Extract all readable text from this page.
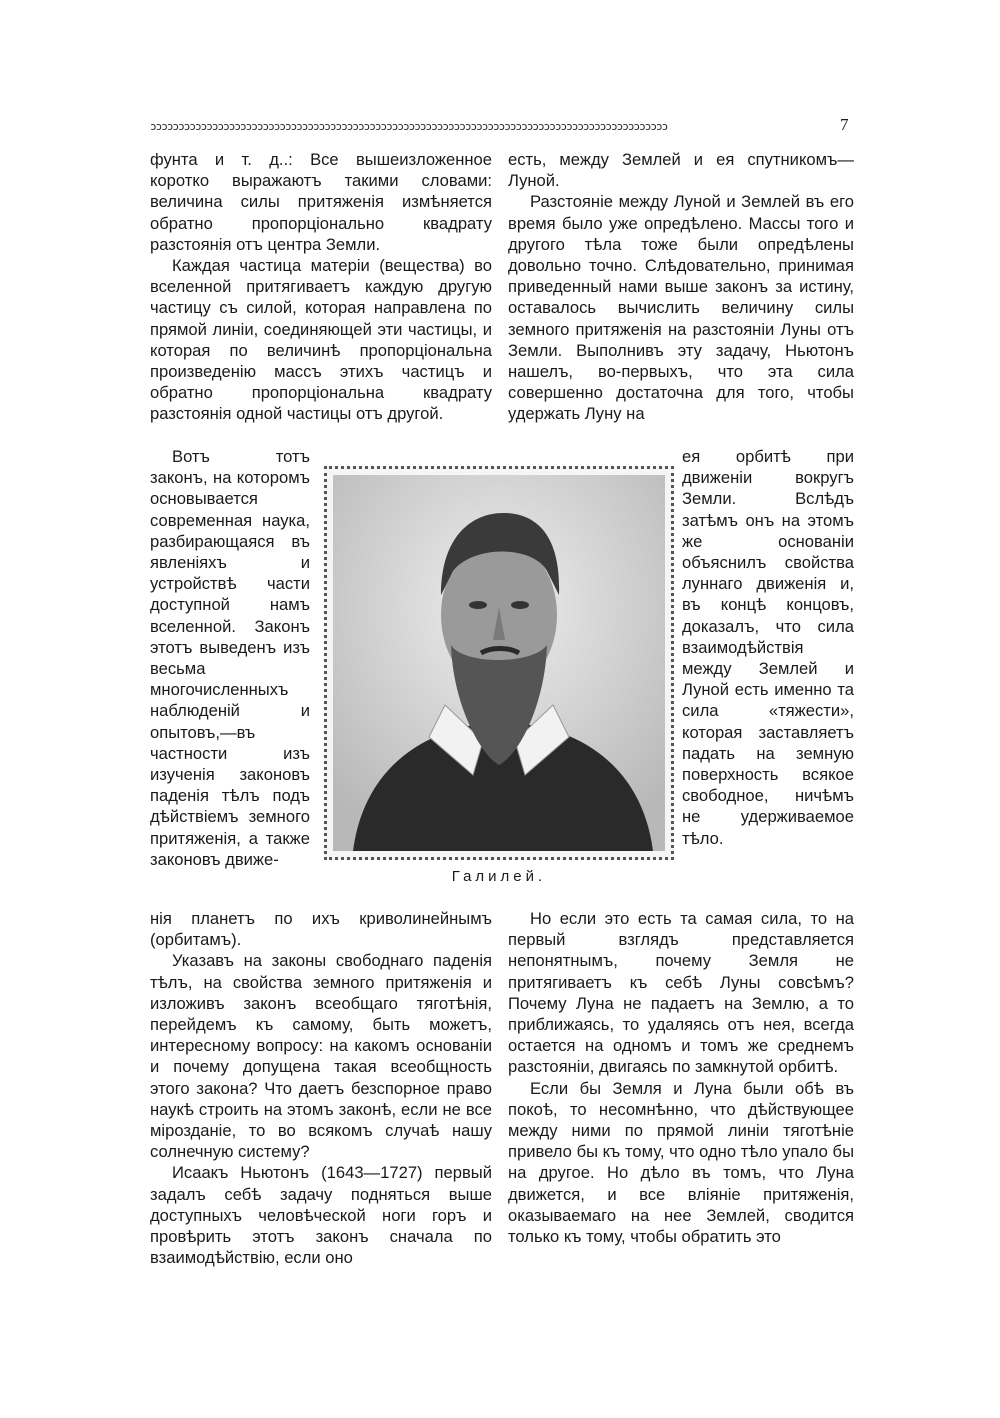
ɔɔɔɔɔɔɔɔɔɔɔɔɔɔɔɔɔɔɔɔɔɔɔɔɔɔɔɔɔɔɔɔɔɔɔɔɔɔɔɔɔɔɔɔɔɔɔɔɔɔɔɔɔɔɔɔɔɔɔɔɔɔɔɔɔɔɔɔɔɔɔɔɔɔɔɔɔɔɔɔɔɔɔɔɔɔɔɔɔɔɔɔ	7

фунта и т. д..: Все вышеизложенное коротко выражаютъ такими словами: величина силы притяженія измѣняется обратно пропорціонально квадрату разстоянія отъ центра Земли.

Каждая частица матеріи (вещества) во вселенной притягиваетъ каждую другую частицу съ силой, которая направлена по прямой линіи, соединяющей эти частицы, и которая по величинѣ пропорціональна произведенію массъ этихъ частицъ и обратно пропорціональна квадрату разстоянія одной частицы отъ другой.

есть, между Землей и ея спутникомъ—Луной.

Разстояніе между Луной и Землей въ его время было уже опредѣлено. Массы того и другого тѣла тоже были опредѣлены довольно точно. Слѣдовательно, принимая приведенный нами выше законъ за истину, оставалось вычислить величину силы земного притяженія на разстояніи Луны отъ Земли. Выполнивъ эту задачу, Ньютонъ нашелъ, во-первыхъ, что эта сила совершенно достаточна для того, чтобы удержать Луну на

Вотъ тотъ законъ, на которомъ основывается современная наука, разбирающаяся въ явленіяхъ и устройствѣ части доступной намъ вселенной. Законъ этотъ выведенъ изъ весьма многочисленныхъ наблюденій и опытовъ,—въ частности изъ изученія законовъ паденія тѣлъ подъ дѣйствіемъ земного притяженія, а также законовъ движе-

Галилей.

ея орбитѣ при движеніи вокругъ Земли. Вслѣдъ затѣмъ онъ на этомъ же основаніи объяснилъ свойства луннаго движенія и, въ концѣ концовъ, доказалъ, что сила взаимодѣйствія между Землей и Луной есть именно та сила «тяжести», которая заставляетъ падать на земную поверхность всякое свободное, ничѣмъ не удерживаемое тѣло.

нія планетъ по ихъ криволинейнымъ (орбитамъ).

Указавъ на законы свободнаго паденія тѣлъ, на свойства земного притяженія и изложивъ законъ всеобщаго тяготѣнія, перейдемъ къ самому, быть можетъ, интересному вопросу: на какомъ основаніи и почему допущена такая всеобщность этого закона? Что даетъ безспорное право наукѣ строить на этомъ законѣ, если не все мірозданіе, то во всякомъ случаѣ нашу солнечную систему?

Исаакъ Ньютонъ (1643—1727) первый задалъ себѣ задачу подняться выше доступныхъ человѣческой ноги горъ и провѣрить этотъ законъ сначала по взаимодѣйствію, если оно

Но если это есть та самая сила, то на первый взглядъ представляется непонятнымъ, почему Земля не притягиваетъ къ себѣ Луны совсѣмъ? Почему Луна не падаетъ на Землю, а то приближаясь, то удаляясь отъ нея, всегда остается на одномъ и томъ же среднемъ разстояніи, двигаясь по замкнутой орбитѣ.

Если бы Земля и Луна были обѣ въ покоѣ, то несомнѣнно, что дѣйствующее между ними по прямой линіи тяготѣніе привело бы къ тому, что одно тѣло упало бы на другое. Но дѣло въ томъ, что Луна движется, и все вліяніе притяженія, оказываемаго на нее Землей, сводится только къ тому, чтобы обратить это
